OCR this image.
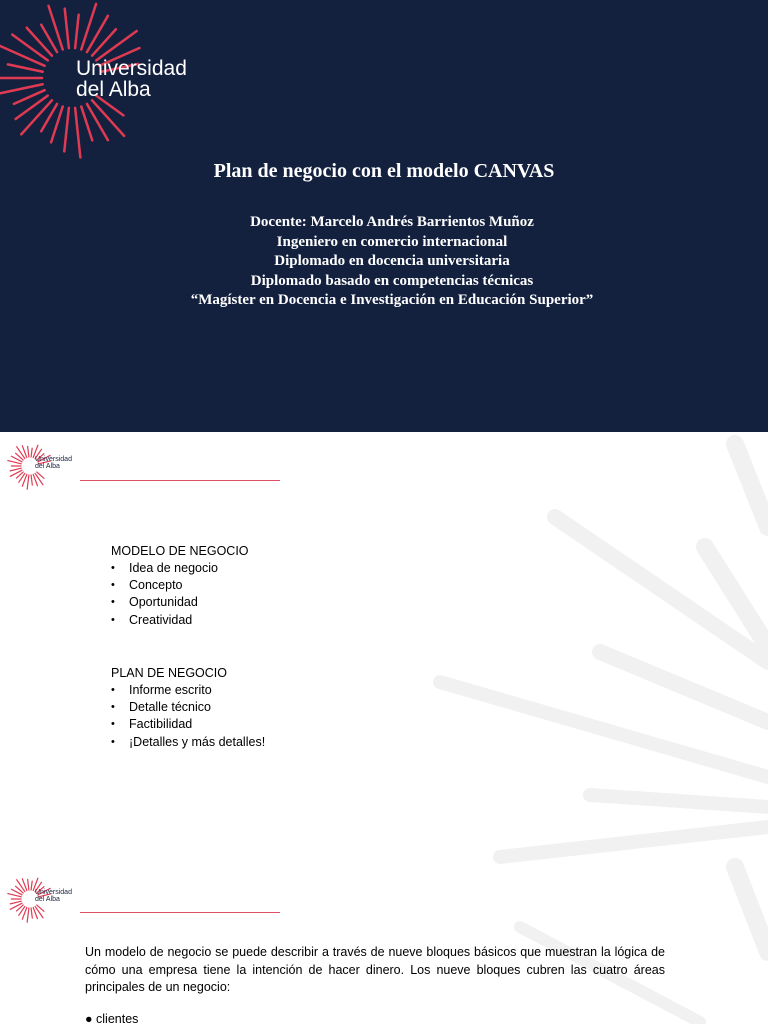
Universidad
del Alba
Plan de negocio con el modelo CANVAS
Docente: Marcelo Andrés Barrientos Muñoz
Ingeniero en comercio internacional
Diplomado en docencia universitaria
Diplomado basado en competencias técnicas
“Magíster en Docencia e Investigación en Educación Superior”
Universidad
del Alba
MODELO DE NEGOCIO
• Idea de negocio
• Concepto
• Oportunidad
• Creatividad
PLAN DE NEGOCIO
• Informe escrito
• Detalle técnico
• Factibilidad
• ¡Detalles y más detalles!
Universidad
del Alba
Un modelo de negocio se puede describir a través de nueve bloques básicos que muestran la lógica de cómo una empresa tiene la intención de hacer dinero. Los nueve bloques cubren las cuatro áreas principales de un negocio:
● clientes
